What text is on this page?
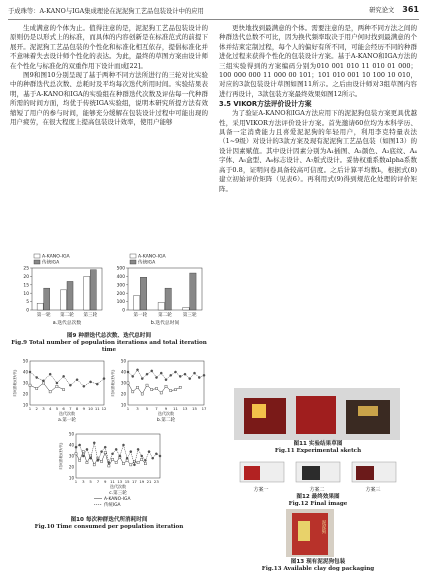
于成珠等：A-KANO与IGA集成理论在泥泥狗工艺品包装设计中的应用	研究论文 361

生成满意的个体为止。值得注意的是，泥泥狗工艺品包装设计的原则仍是以形式上的标准，而具体的内容创新是在标准范式的前提下展开。泥泥狗工艺品包装的个性化和标准化相互依存，提倡标准化并不意味着失去设计师个性化的表达。为此，最终的草图方案由设计师在个性化与标准化的双重作用下设计而成[22]。

图9和图10分别呈现了基于两种不同方法所进行的三轮对比实验中的种群迭代总次数、总耗时及平均每次迭代所用时间。实验结果表明，基于A-KANO和IGA的实验组在种群迭代次数及评估每一代种群所需的时间方面，均优于传统IGA实验组，说明本研究所提方法有效缩短了用户的参与时间，能够充分缓解在包装设计过程中可能出现的用户疲劳，在很大程度上提高包装设计效率，使用户能够

A-KANO-IGA
传统IGA
0
5
10
15
20
25
第一轮 第二轮 第三轮
a.迭代总次数
A-KANO-IGA
传统IGA
0
100
200
300
400
500
第一轮 第二轮 第三轮
b.迭代总时间
图9 种群迭代总次数、迭代总时间
Fig.9 Total number of population iterations and total iteration time
10
20
30
40
50
1 2 3 4 5 6 7 8 9 10 11 12
时间消耗/(秒/代)
迭代次数
a.第一轮
10
20
30
40
50
1 3 5 7 9 11 13 15 17
时间消耗/(秒/代)
迭代次数
b.第二轮
10
20
30
40
50
1 3 5 7 9 11 13 15 17 19 21 23
时间消耗/(秒/代)
迭代次数
c.第三轮
A-KANO-IGA
传统IGA
图10 每次种群迭代所消耗时间
Fig.10 Time consumed per population iteration

更快地找到最满意的个体。需要注意的是，两种不同方法之间的种群迭代总数不可比，因为换代频率取决于用户何时找到最满意的个体并结束定制过程，每个人的偏好有所不同，可能会经历不同的种群进化过程来获得个性化的包装设计方案。基于A-KANO和IGA方法的三组实验得到的方案编码分别为010 001 010 11 010 01 000；100 000 000 11 000 00 101；101 010 001 10 100 10 010，对应的3款包装设计草图如图11所示。之后由设计师对3组草图内容进行再设计，3款包装方案最终效果如图12所示。

3.5 VIKOR方法评价设计方案

为了验证A-KANO和IGA方法应用下的泥泥狗包装方案更具优越性，采用VIKOR方法评价设计方案。首先邀请60位均为本科学历、具备一定消费能力且喜爱泥泥狗的年轻用户，利用李克特量表法（1~9级）对设计的3款方案及现有泥泥狗工艺品包装（如图13）的设计因素赋值。其中设计因素分别为A₁插图、A₂颜色、A₃底纹、A₄字体、A₅盒型、A₆标志设计、A₇版式设计。妥协权重系数alpha系数高于0.8，证明问卷具备较高可信度。之后计算平均数lᵢ，根据式(8)建立初始评价矩阵（见表6）。再利用式(9)得到规范化处理的评价矩阵。

图11 实验结果草图
Fig.11 Experimental sketch
方案一	方案二	方案三
图12 最终效果图
Fig.12 Final image
泥泥狗
图13 现有泥泥狗包装
Fig.13 Available clay dog packaging
